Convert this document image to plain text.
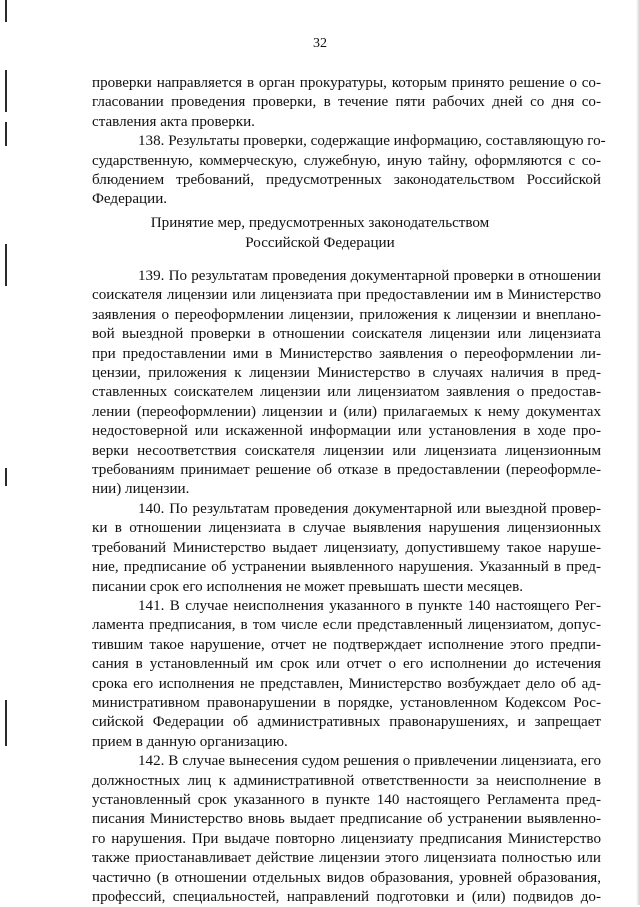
32
проверки направляется в орган прокуратуры, которым принято решение о со-
гласовании проведения проверки, в течение пяти рабочих дней со дня со-
ставления акта проверки.
138. Результаты проверки, содержащие информацию, составляющую го-
сударственную, коммерческую, служебную, иную тайну, оформляются с со-
блюдением требований, предусмотренных законодательством Российской
Федерации.
Принятие мер, предусмотренных законодательством
Российской Федерации
139. По результатам проведения документарной проверки в отношении
соискателя лицензии или лицензиата при предоставлении им в Министерство
заявления о переоформлении лицензии, приложения к лицензии и внеплано-
вой выездной проверки в отношении соискателя лицензии или лицензиата
при предоставлении ими в Министерство заявления о переоформлении ли-
цензии, приложения к лицензии Министерство в случаях наличия в пред-
ставленных соискателем лицензии или лицензиатом заявления о предостав-
лении (переоформлении) лицензии и (или) прилагаемых к нему документах
недостоверной или искаженной информации или установления в ходе про-
верки несоответствия соискателя лицензии или лицензиата лицензионным
требованиям принимает решение об отказе в предоставлении (переоформле-
нии) лицензии.
140. По результатам проведения документарной или выездной провер-
ки в отношении лицензиата в случае выявления нарушения лицензионных
требований Министерство выдает лицензиату, допустившему такое наруше-
ние, предписание об устранении выявленного нарушения. Указанный в пред-
писании срок его исполнения не может превышать шести месяцев.
141. В случае неисполнения указанного в пункте 140 настоящего Рег-
ламента предписания, в том числе если представленный лицензиатом, допус-
тившим такое нарушение, отчет не подтверждает исполнение этого предпи-
сания в установленный им срок или отчет о его исполнении до истечения
срока его исполнения не представлен, Министерство возбуждает дело об ад-
министративном правонарушении в порядке, установленном Кодексом Рос-
сийской Федерации об административных правонарушениях, и запрещает
прием в данную организацию.
142. В случае вынесения судом решения о привлечении лицензиата, его
должностных лиц к административной ответственности за неисполнение в
установленный срок указанного в пункте 140 настоящего Регламента пред-
писания Министерство вновь выдает предписание об устранении выявленно-
го нарушения. При выдаче повторно лицензиату предписания Министерство
также приостанавливает действие лицензии этого лицензиата полностью или
частично (в отношении отдельных видов образования, уровней образования,
профессий, специальностей, направлений подготовки и (или) подвидов до-
